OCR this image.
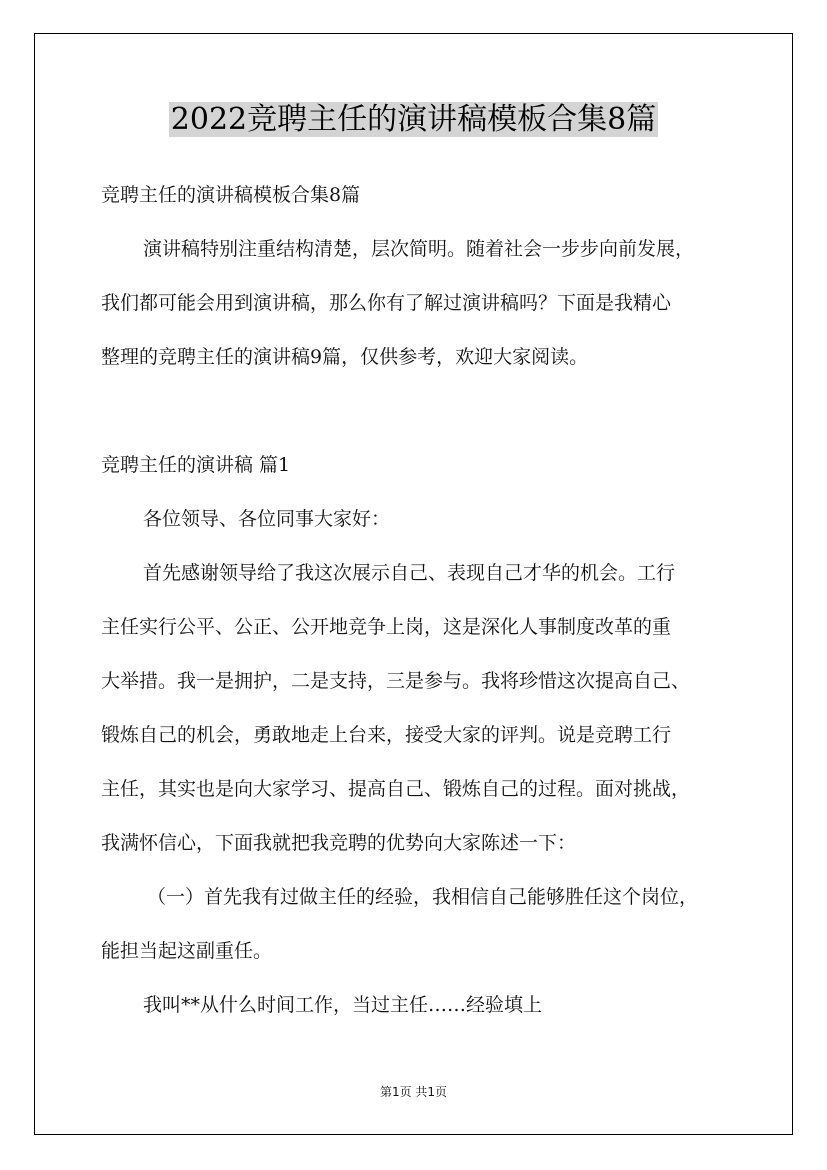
2022竞聘主任的演讲稿模板合集8篇
竞聘主任的演讲稿模板合集8篇
演讲稿特别注重结构清楚，层次简明。随着社会一步步向前发展，
我们都可能会用到演讲稿，那么你有了解过演讲稿吗？下面是我精心
整理的竞聘主任的演讲稿9篇，仅供参考，欢迎大家阅读。
竞聘主任的演讲稿 篇1
各位领导、各位同事大家好：
首先感谢领导给了我这次展示自己、表现自己才华的机会。工行
主任实行公平、公正、公开地竞争上岗，这是深化人事制度改革的重
大举措。我一是拥护，二是支持，三是参与。我将珍惜这次提高自己、
锻炼自己的机会，勇敢地走上台来，接受大家的评判。说是竞聘工行
主任，其实也是向大家学习、提高自己、锻炼自己的过程。面对挑战，
我满怀信心，下面我就把我竞聘的优势向大家陈述一下：
（一）首先我有过做主任的经验，我相信自己能够胜任这个岗位，
能担当起这副重任。
我叫**从什么时间工作，当过主任……经验填上
第1页 共1页
